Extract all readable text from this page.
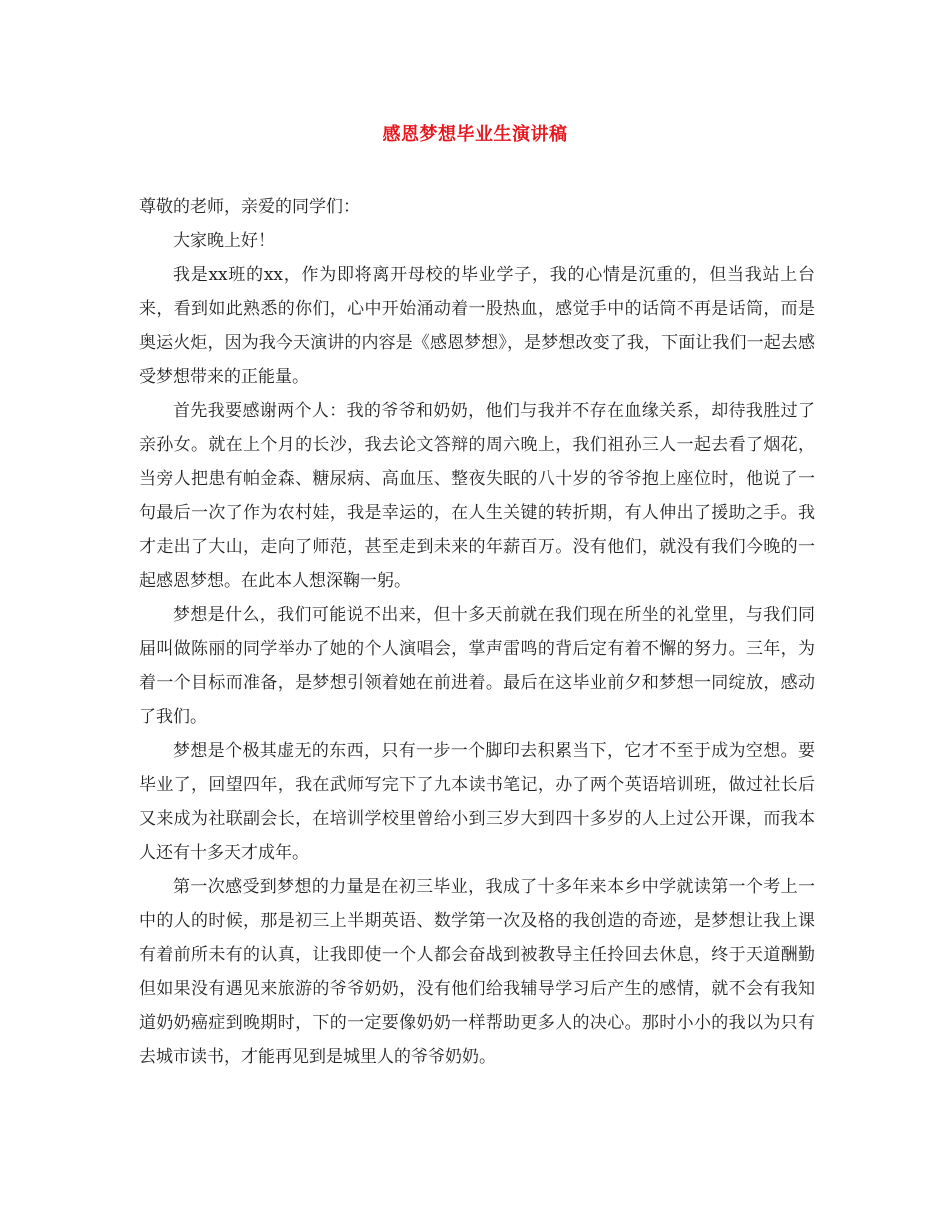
感恩梦想毕业生演讲稿

尊敬的老师，亲爱的同学们：

大家晚上好！

我是xx班的xx，作为即将离开母校的毕业学子，我的心情是沉重的，但当我站上台来，看到如此熟悉的你们，心中开始涌动着一股热血，感觉手中的话筒不再是话筒，而是奥运火炬，因为我今天演讲的内容是《感恩梦想》，是梦想改变了我，下面让我们一起去感受梦想带来的正能量。

首先我要感谢两个人：我的爷爷和奶奶，他们与我并不存在血缘关系，却待我胜过了亲孙女。就在上个月的长沙，我去论文答辩的周六晚上，我们祖孙三人一起去看了烟花，当旁人把患有帕金森、糖尿病、高血压、整夜失眠的八十岁的爷爷抱上座位时，他说了一句最后一次了作为农村娃，我是幸运的，在人生关键的转折期，有人伸出了援助之手。我才走出了大山，走向了师范，甚至走到未来的年薪百万。没有他们，就没有我们今晚的一起感恩梦想。在此本人想深鞠一躬。

梦想是什么，我们可能说不出来，但十多天前就在我们现在所坐的礼堂里，与我们同届叫做陈丽的同学举办了她的个人演唱会，掌声雷鸣的背后定有着不懈的努力。三年，为着一个目标而准备，是梦想引领着她在前进着。最后在这毕业前夕和梦想一同绽放，感动了我们。

梦想是个极其虚无的东西，只有一步一个脚印去积累当下，它才不至于成为空想。要毕业了，回望四年，我在武师写完下了九本读书笔记，办了两个英语培训班，做过社长后又来成为社联副会长，在培训学校里曾给小到三岁大到四十多岁的人上过公开课，而我本人还有十多天才成年。

第一次感受到梦想的力量是在初三毕业，我成了十多年来本乡中学就读第一个考上一中的人的时候，那是初三上半期英语、数学第一次及格的我创造的奇迹，是梦想让我上课有着前所未有的认真，让我即使一个人都会奋战到被教导主任拎回去休息，终于天道酬勤但如果没有遇见来旅游的爷爷奶奶，没有他们给我辅导学习后产生的感情，就不会有我知道奶奶癌症到晚期时，下的一定要像奶奶一样帮助更多人的决心。那时小小的我以为只有去城市读书，才能再见到是城里人的爷爷奶奶。
